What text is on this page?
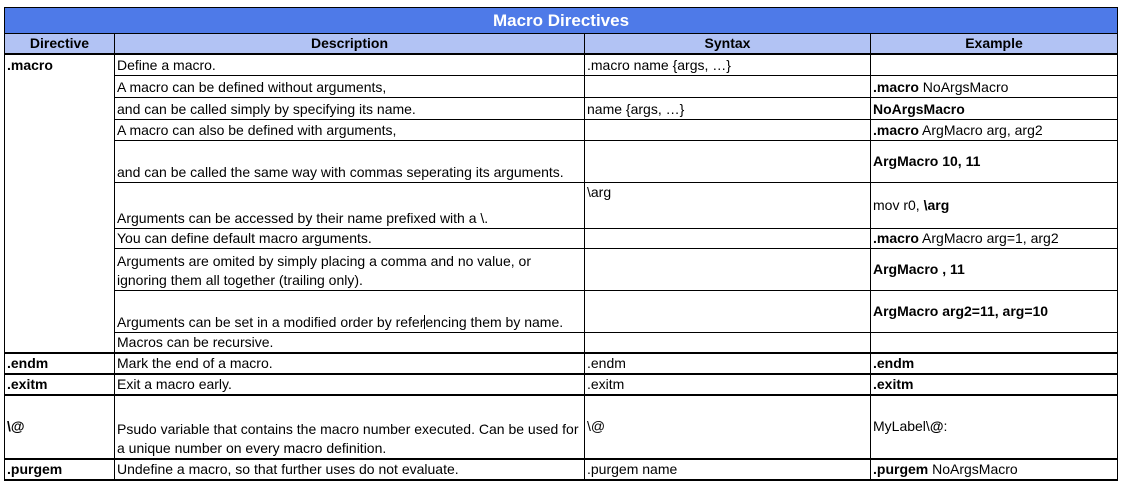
Macro Directives			
Directive	Description	Syntax	Example
.macro	Define a macro.	.macro name {args, …}	
	A macro can be defined without arguments,		.macro NoArgsMacro
	and can be called simply by specifying its name.	name {args, …}	NoArgsMacro
	A macro can also be defined with arguments,		.macro ArgMacro arg, arg2
	and can be called the same way with commas seperating its arguments.		ArgMacro 10, 11
	Arguments can be accessed by their name prefixed with a \.	\arg	mov r0, \arg
	You can define default macro arguments.		.macro ArgMacro arg=1, arg2
	Arguments are omited by simply placing a comma and no value, or ignoring them all together (trailing only).		ArgMacro , 11
	Arguments can be set in a modified order by referencing them by name.		ArgMacro arg2=11, arg=10
	Macros can be recursive.		
.endm	Mark the end of a macro.	.endm	.endm
.exitm	Exit a macro early.	.exitm	.exitm
\@	Psudo variable that contains the macro number executed. Can be used for a unique number on every macro definition.	\@	MyLabel\@:
.purgem	Undefine a macro, so that further uses do not evaluate.	.purgem name	.purgem NoArgsMacro
